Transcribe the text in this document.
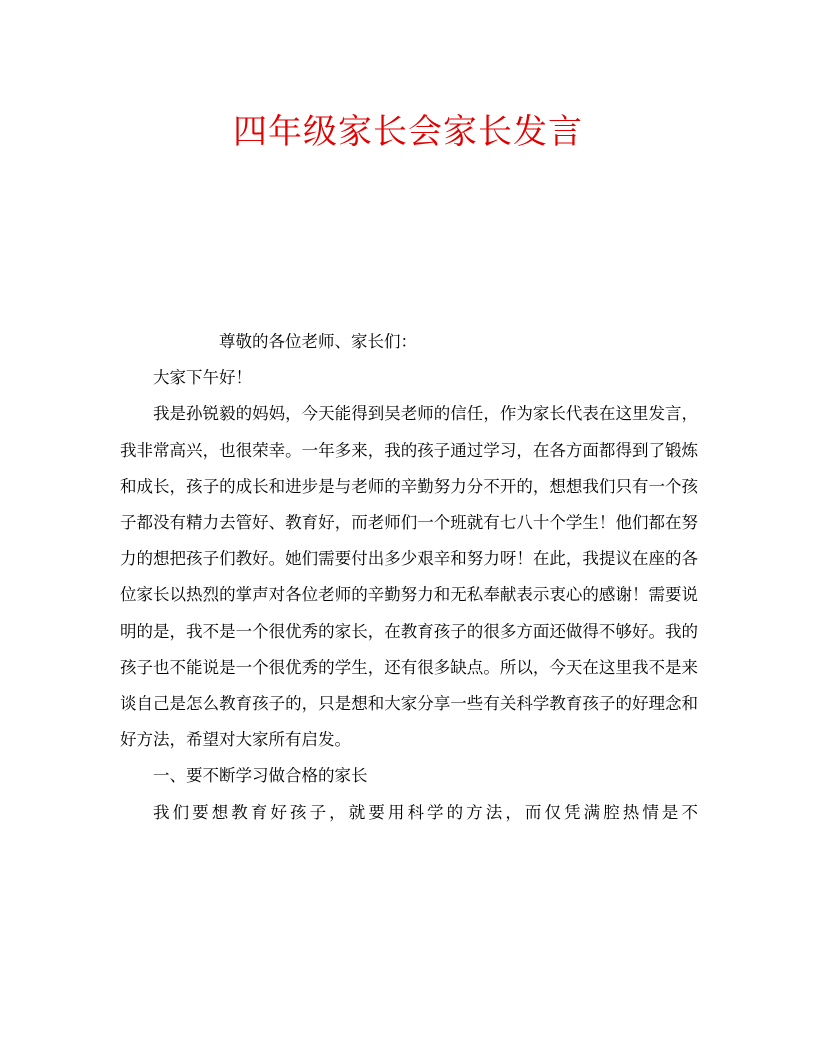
四年级家长会家长发言

尊敬的各位老师、家长们：

大家下午好！

我是孙锐毅的妈妈，今天能得到吴老师的信任，作为家长代表在这里发言，我非常高兴，也很荣幸。一年多来，我的孩子通过学习，在各方面都得到了锻炼和成长，孩子的成长和进步是与老师的辛勤努力分不开的，想想我们只有一个孩子都没有精力去管好、教育好，而老师们一个班就有七八十个学生！他们都在努力的想把孩子们教好。她们需要付出多少艰辛和努力呀！在此，我提议在座的各位家长以热烈的掌声对各位老师的辛勤努力和无私奉献表示衷心的感谢！需要说明的是，我不是一个很优秀的家长，在教育孩子的很多方面还做得不够好。我的孩子也不能说是一个很优秀的学生，还有很多缺点。所以，今天在这里我不是来谈自己是怎么教育孩子的，只是想和大家分享一些有关科学教育孩子的好理念和好方法，希望对大家所有启发。

一、要不断学习做合格的家长

我们要想教育好孩子，就要用科学的方法，而仅凭满腔热情是不
